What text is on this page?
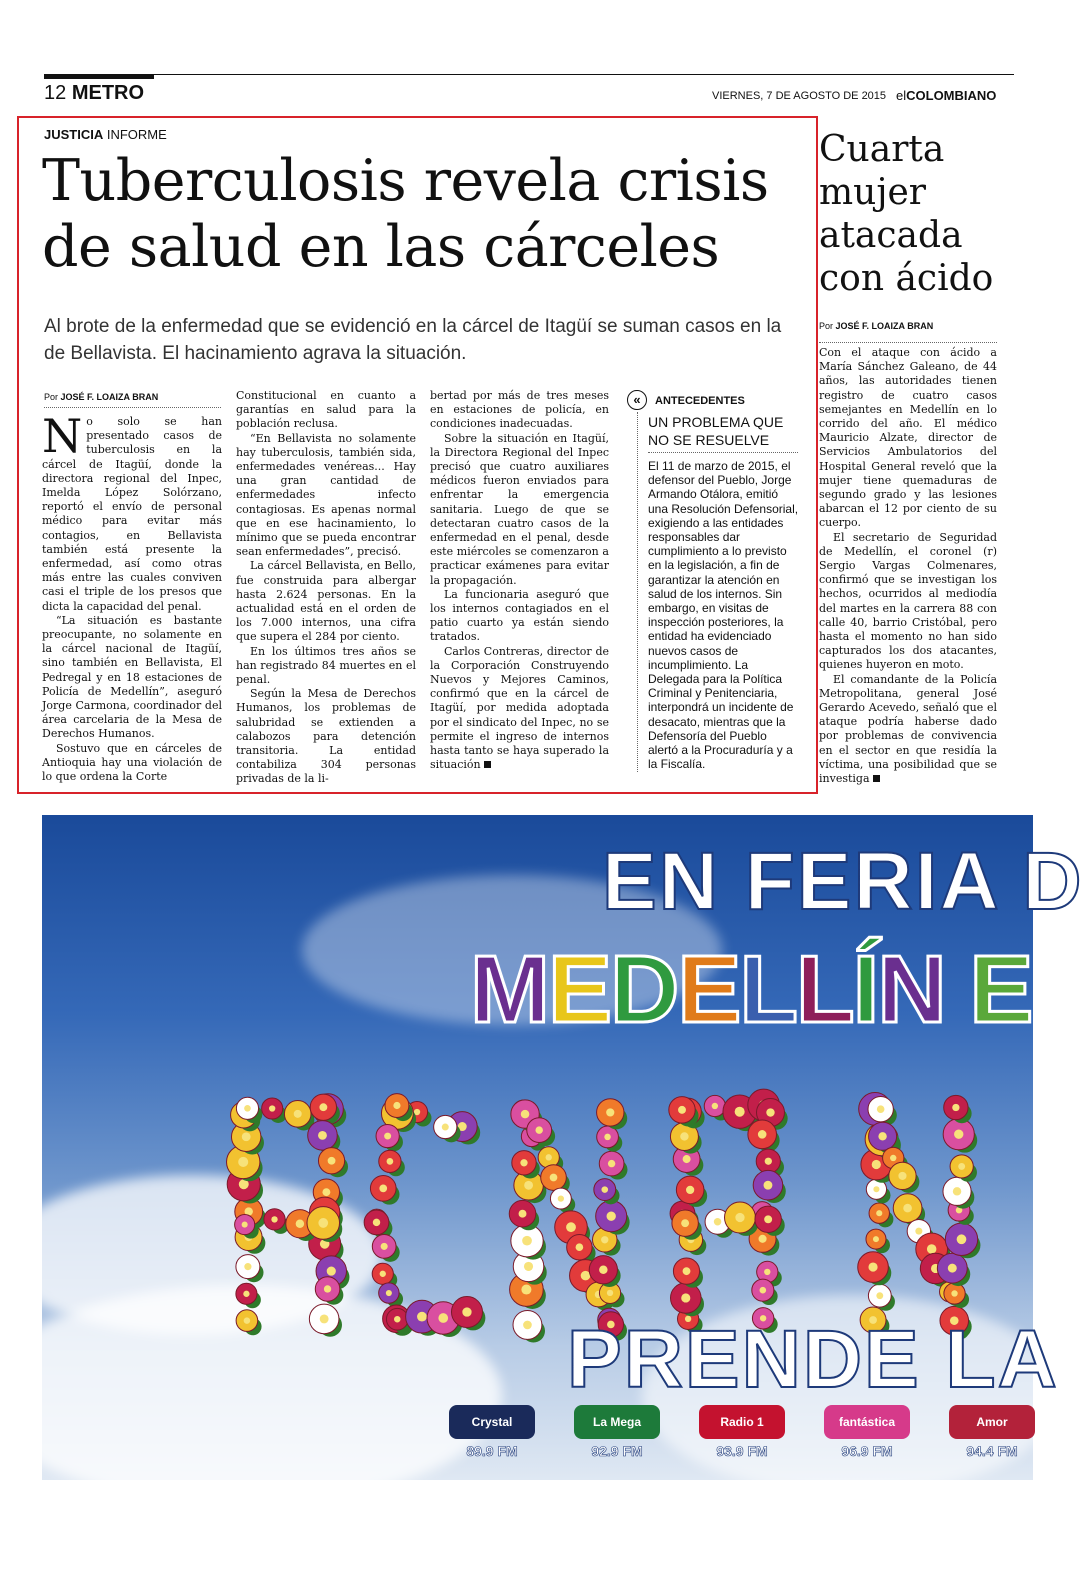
12 METRO	VIERNES, 7 DE AGOSTO DE 2015 elCOLOMBIANO
JUSTICIA INFORME
Tuberculosis revela crisis
de salud en las cárceles
Al brote de la enfermedad que se evidenció en la cárcel de Itagüí se suman casos en la de Bellavista. El hacinamiento agrava la situación.
Por JOSÉ F. LOAIZA BRAN

No solo se han presentado casos de tuberculosis en la cárcel de Itagüí, donde la directora regional del Inpec, Imelda López Solórzano, reportó el envío de personal médico para evitar más contagios, en Bellavista también está presente la enfermedad, así como otras más entre las cuales conviven casi el triple de los presos que dicta la capacidad del penal.

“La situación es bastante preocupante, no solamente en la cárcel nacional de Itagüí, sino también en Bellavista, El Pedregal y en 18 estaciones de Policía de Medellín”, aseguró Jorge Carmona, coordinador del área carcelaria de la Mesa de Derechos Humanos.

Sostuvo que en cárceles de Antioquia hay una violación de lo que ordena la Corte

Constitucional en cuanto a garantías en salud para la población reclusa.

“En Bellavista no solamente hay tuberculosis, también sida, enfermedades venéreas... Hay una gran cantidad de enfermedades infecto contagiosas. Es apenas normal que en ese hacinamiento, lo mínimo que se pueda encontrar sean enfermedades”, precisó.

La cárcel Bellavista, en Bello, fue construida para albergar hasta 2.624 personas. En la actualidad está en el orden de los 7.000 internos, una cifra que supera el 284 por ciento.

En los últimos tres años se han registrado 84 muertes en el penal.

Según la Mesa de Derechos Humanos, los problemas de salubridad se extienden a calabozos para detención transitoria. La entidad contabiliza 304 personas privadas de la li-

bertad por más de tres meses en estaciones de policía, en condiciones inadecuadas.

Sobre la situación en Itagüí, la Directora Regional del Inpec precisó que cuatro auxiliares médicos fueron enviados para enfrentar la emergencia sanitaria. Luego de que se detectaran cuatro casos de la enfermedad en el penal, desde este miércoles se comenzaron a practicar exámenes para evitar la propagación.

La funcionaria aseguró que los internos contagiados en el patio cuarto ya están siendo tratados.

Carlos Contreras, director de la Corporación Construyendo Nuevos y Mejores Caminos, confirmó que en la cárcel de Itagüí, por medida adoptada por el sindicato del Inpec, no se permite el ingreso de internos hasta tanto se haya superado la situación

« ANTECEDENTES
UN PROBLEMA QUE NO SE RESUELVE
El 11 de marzo de 2015, el defensor del Pueblo, Jorge Armando Otálora, emitió una Resolución Defensorial, exigiendo a las entidades responsables dar cumplimiento a lo previsto en la legislación, a fin de garantizar la atención en salud de los internos. Sin embargo, en visitas de inspección posteriores, la entidad ha evidenciado nuevos casos de incumplimiento. La Delegada para la Política Criminal y Penitenciaria, interpondrá un incidente de desacato, mientras que la Defensoría del Pueblo alertó a la Procuraduría y a la Fiscalía.
Cuarta mujer atacada con ácido
Por JOSÉ F. LOAIZA BRAN

Con el ataque con ácido a María Sánchez Galeano, de 44 años, las autoridades tienen registro de cuatro casos semejantes en Medellín en lo corrido del año. El médico Mauricio Alzate, director de Servicios Ambulatorios del Hospital General reveló que la mujer tiene quemaduras de segundo grado y las lesiones abarcan el 12 por ciento de su cuerpo.

El secretario de Seguridad de Medellín, el coronel (r) Sergio Vargas Colmenares, confirmó que se investigan los hechos, ocurridos al mediodía del martes en la carrera 88 con calle 40, barrio Cristóbal, pero hasta el momento no han sido capturados los dos atacantes, quienes huyeron en moto.

El comandante de la Policía Metropolitana, general José Gerardo Acevedo, señaló que el ataque podría haberse dado por problemas de convivencia en el sector en que residía la víctima, una posibilidad que se investiga

EN FERIA D
MEDELLÍN E
PRENDE LA
Crystal
89.9 FM
La Mega
92.9 FM
Radio 1
93.9 FM
fantástica
96.9 FM
Amor
94.4 FM
